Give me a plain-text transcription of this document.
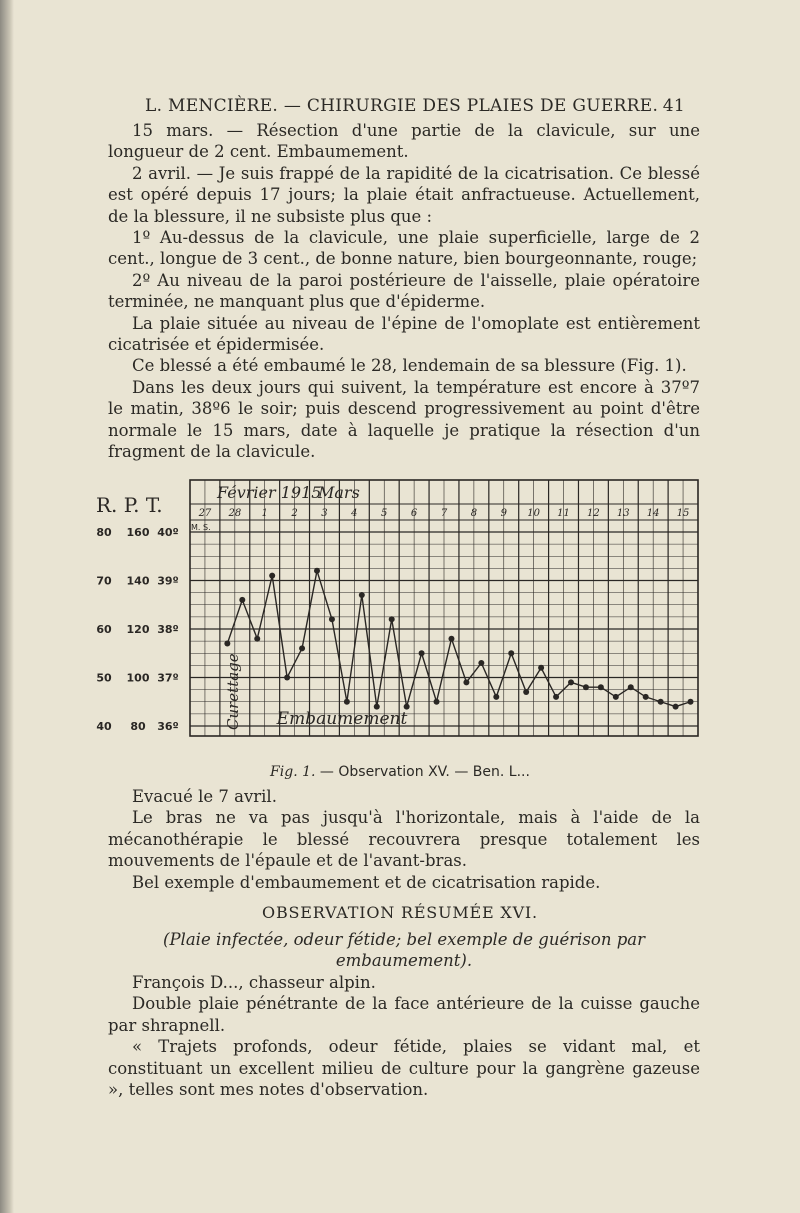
L. MENCIÈRE. — CHIRURGIE DES PLAIES DE GUERRE. 41

15 mars. — Résection d'une partie de la clavicule, sur une longueur de 2 cent. Embaumement.

2 avril. — Je suis frappé de la rapidité de la cicatrisation. Ce blessé est opéré depuis 17 jours; la plaie était anfractueuse. Actuellement, de la blessure, il ne subsiste plus que :

1º Au-dessus de la clavicule, une plaie superficielle, large de 2 cent., longue de 3 cent., de bonne nature, bien bourgeonnante, rouge;

2º Au niveau de la paroi postérieure de l'aisselle, plaie opératoire terminée, ne manquant plus que d'épiderme.

La plaie située au niveau de l'épine de l'omoplate est entièrement cicatrisée et épidermisée.

Ce blessé a été embaumé le 28, lendemain de sa blessure (Fig. 1).

Dans les deux jours qui suivent, la température est encore à 37º7 le matin, 38º6 le soir; puis descend progressivement au point d'être normale le 15 mars, date à laquelle je pratique la résection d'un fragment de la clavicule.

Février 1915
Mars
M. S.
27 28 1 2 3 4 5 6 7 8 9 10 11 12 13 14 15
R. P. T.
80 160 40º
70 140 39º
60 120 38º
50 100 37º
40 80 36º	Curettage Embaumement
Fig. 1. — Observation XV. — Ben. L...

Evacué le 7 avril.

Le bras ne va pas jusqu'à l'horizontale, mais à l'aide de la mécanothérapie le blessé recouvrera presque totalement les mouvements de l'épaule et de l'avant-bras.

Bel exemple d'embaumement et de cicatrisation rapide.

OBSERVATION RÉSUMÉE XVI.
(Plaie infectée, odeur fétide; bel exemple de guérison par embaumement).

François D..., chasseur alpin.

Double plaie pénétrante de la face antérieure de la cuisse gauche par shrapnell.

« Trajets profonds, odeur fétide, plaies se vidant mal, et constituant un excellent milieu de culture pour la gangrène gazeuse », telles sont mes notes d'observation.
